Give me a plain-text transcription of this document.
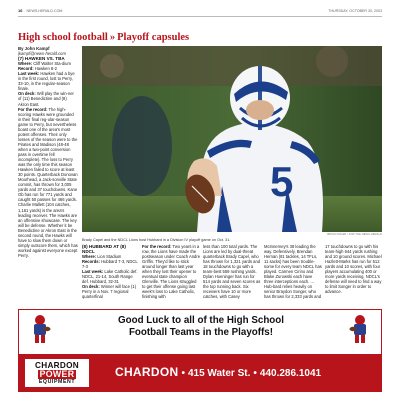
16 NEWS-HERALD.COM	THURSDAY, OCTOBER 30, 2003
High school football » Playoff capsules

By John Kampf

jkampf@news-herald.com

(7) HAWKEN VS. TBA

Where: Cliff Walter Sta-dium

Record: Hawken 8-2

Last week: Hawken had a bye in the first round, lost to Perry, 33-10, in the regular-season finale.

On deck: Will play the win-ner of (11) Benedictine and (8) Akron East.

For the record: The high-scoring Hawks were grounded in their final reg-ular-season game to Perry, but nevertheless boast one of the area's most potent offenses. Their only losses of the season were to the Pirates and Madison (48-48 when a two-point conversion pass in overtime fell incomplete). The loss to Perry was the only time this season Hawken failed to score at least 30 points. Quarterback Donovan Moorhead, a Jack-sonville State commit, has thrown for 3,005 yards and 37 touchdowns. Kane Ob has run for 771 yards and caught 50 passes for 466 yards. Charlie Mallett (104 catches, 1,161 yards) is the area's leading receiver. The Hawks are an offensive showcase. The key will be defense. Whether it be Benedictine or Akron East in the second round, the Hawks will have to slow them down or simply outscore them, which has worked against everyone except Perry.

5
BRIAN FIDLER / FOR THE NEWS-HERALD
Brady Capel and the NDCL Lions host Hubbard in a Division IV playoff game on Oct. 31.

(8) HUBBARD AT (8) NDCL

Where: Lion Stadium

Records: Hubbard 7-3, NDCL 7-3

Last week: Lake Catholic def. NDCL, 21-14, South Range def. Hubbard, 32-31

On deck: Winner will face (1) Perry in a Nov. 7 regional quarterfinal

For the record: Two years in a row, the Lions have made the postseason under Coach Andre Griffin. They'd like to stick around longer than last year when they lost their opener to eventual state champion Glenville. The Lions struggled to get their offense going last week's loss to Lake Catholic, finishing with

less than 100 total yards. The Lions are led by dual-threat quarterback Brady Capel, who has thrown for 1,321 yards and 18 touchdowns to go with a team-best 559 rushing yards. Dylan Hoeninger has run for 514 yards and seven scores as the top running back. Six receivers have 10 or more catches, with Casey

McInnerney's 38 leading the way. Defensively, Brendan Hernan (81 tackles, 14 TFLs, 11 sacks) has been trouble-some for every team NDCL has played. Carmen Cirino and Blake Zurowski each have three interceptions each. ... Hub-bard relies heavily on senior Braydon Songer, who has thrown for 2,333 yards and

17 touchdowns to go with his team-high 644 yards rushing and 10 ground scores. Michael Hazlett-Marks has run for 512 yards and 10 scores, with four players accumulating 400 or more yards receiving. NDCL's defense will need to find a way to limit Songer in order to advance.

Good Luck to all of the High School
Football Teams in the Playoffs!
CHARDON
POWER
EQUIPMENT
CHARDON • 415 Water St. • 440.286.1041
